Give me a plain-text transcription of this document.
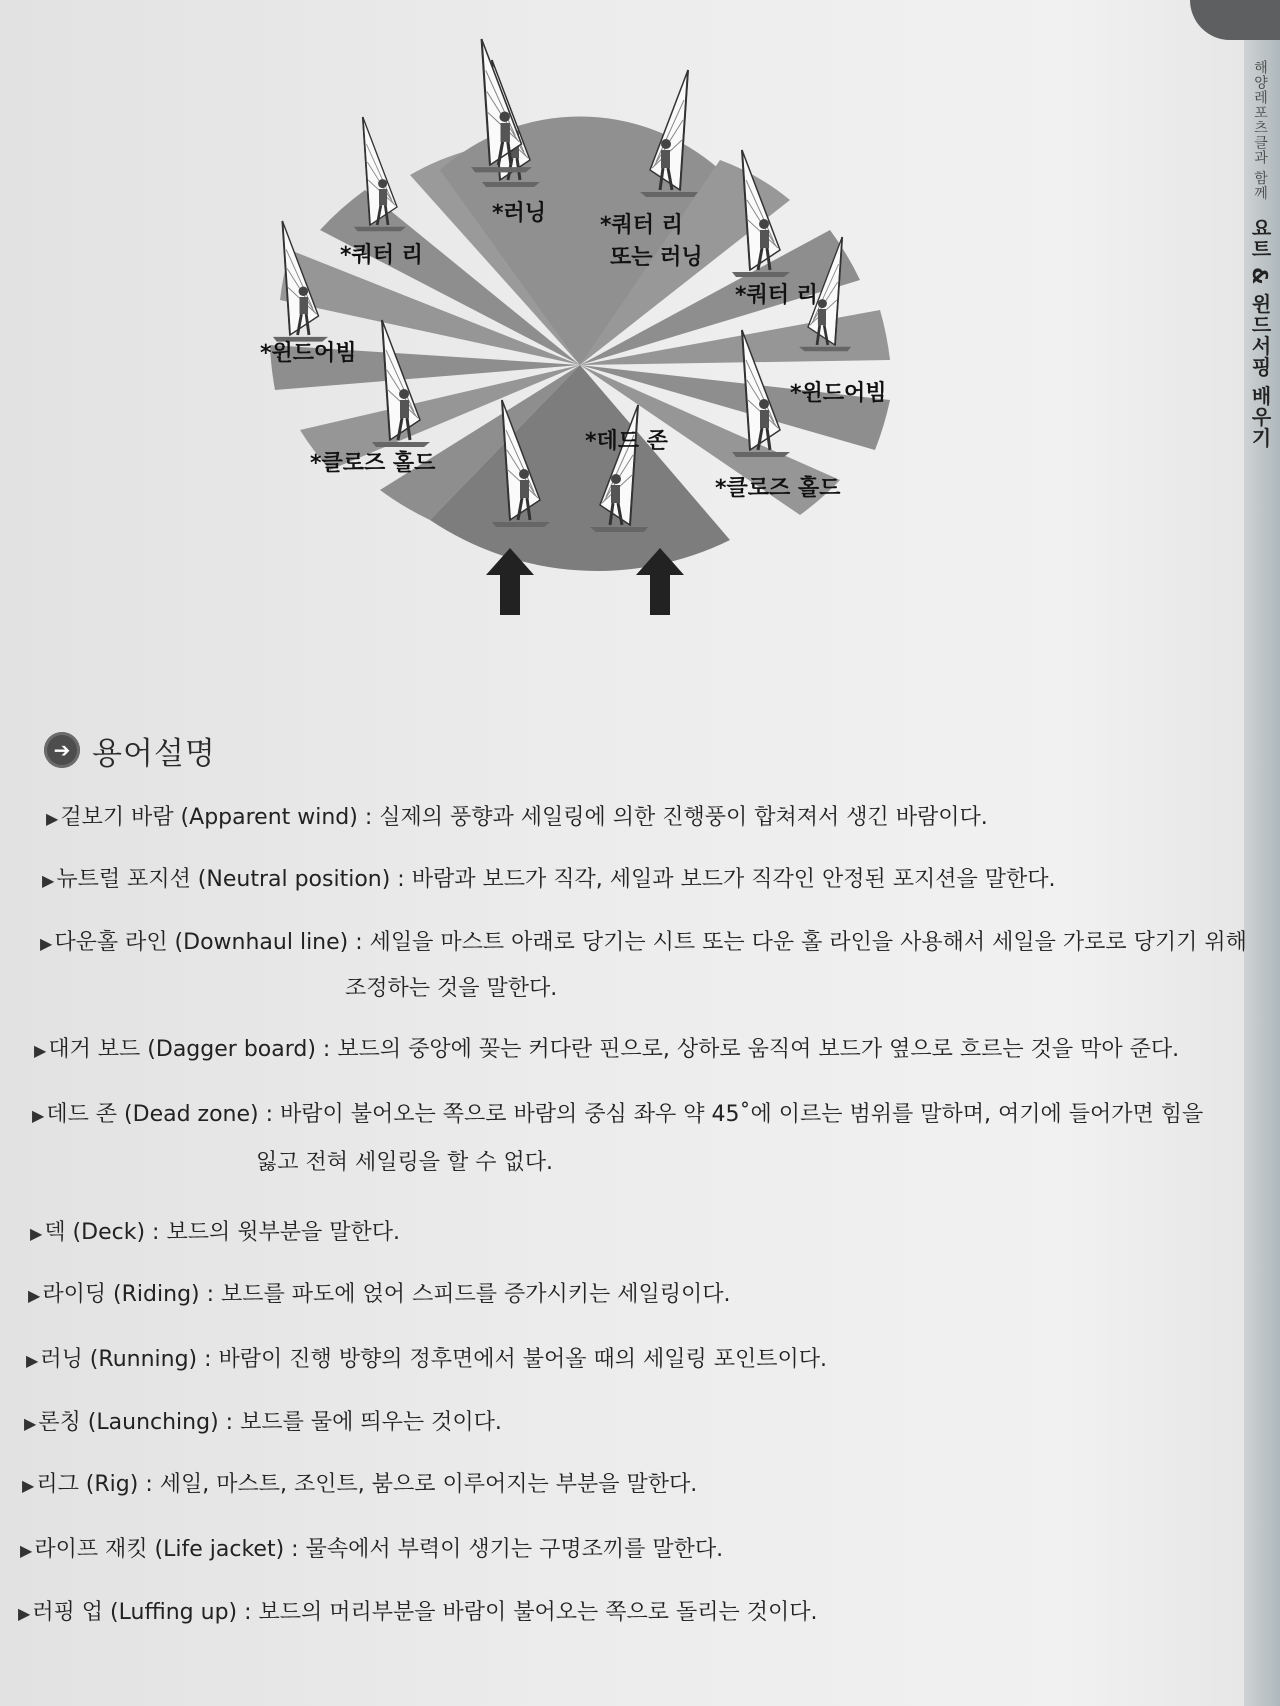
해양레포츠클과 함께 요트 & 윈드서핑 배우기
*러닝 *쿼터 리
또는 러닝
*쿼터 리
*쿼터 리
*윈드어빔
*윈드어빔
*클로즈 홀드
*클로즈 홀드
*데드 존
➔ 용어설명
▶겉보기 바람 (Apparent wind) : 실제의 풍향과 세일링에 의한 진행풍이 합쳐져서 생긴 바람이다.
▶뉴트럴 포지션 (Neutral position) : 바람과 보드가 직각, 세일과 보드가 직각인 안정된 포지션을 말한다.
▶다운홀 라인 (Downhaul line) : 세일을 마스트 아래로 당기는 시트 또는 다운 홀 라인을 사용해서 세일을 가로로 당기기 위해
조정하는 것을 말한다.
▶대거 보드 (Dagger board) : 보드의 중앙에 꽂는 커다란 핀으로, 상하로 움직여 보드가 옆으로 흐르는 것을 막아 준다.
▶데드 존 (Dead zone) : 바람이 불어오는 쪽으로 바람의 중심 좌우 약 45˚에 이르는 범위를 말하며, 여기에 들어가면 힘을
잃고 전혀 세일링을 할 수 없다.
▶덱 (Deck) : 보드의 윗부분을 말한다.
▶라이딩 (Riding) : 보드를 파도에 얹어 스피드를 증가시키는 세일링이다.
▶러닝 (Running) : 바람이 진행 방향의 정후면에서 불어올 때의 세일링 포인트이다.
▶론칭 (Launching) : 보드를 물에 띄우는 것이다.
▶리그 (Rig) : 세일, 마스트, 조인트, 붐으로 이루어지는 부분을 말한다.
▶라이프 재킷 (Life jacket) : 물속에서 부력이 생기는 구명조끼를 말한다.
▶러핑 업 (Luffing up) : 보드의 머리부분을 바람이 불어오는 쪽으로 돌리는 것이다.
